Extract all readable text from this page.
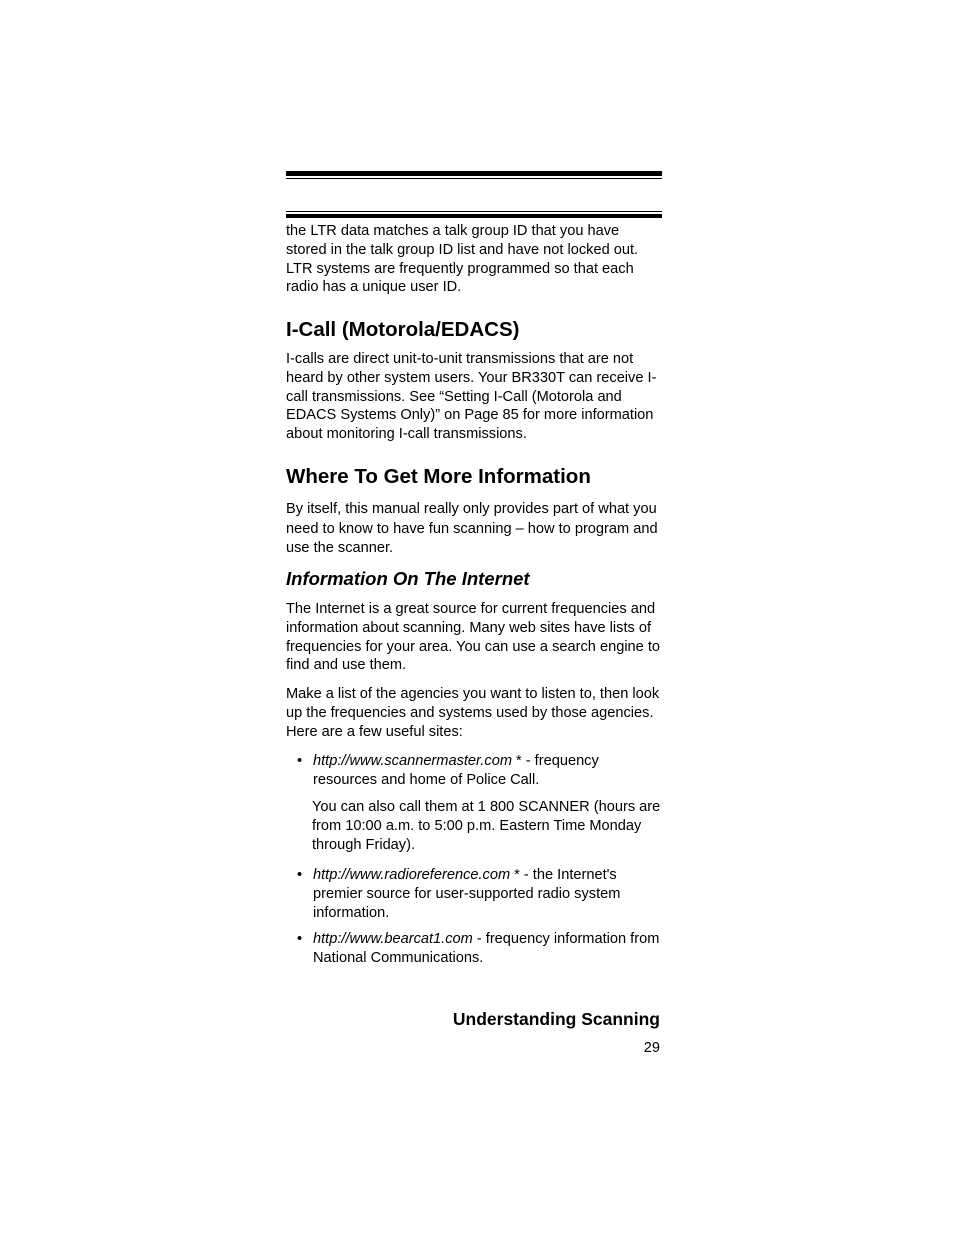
the LTR data matches a talk group ID that you have stored in the talk group ID list and have not locked out. LTR systems are frequently programmed so that each radio has a unique user ID.

I-Call (Motorola/EDACS)

I-calls are direct unit-to-unit transmissions that are not heard by other system users. Your BR330T can receive I-call transmissions. See “Setting I-Call (Motorola and EDACS Systems Only)” on Page 85 for more information about monitoring I-call transmissions.

Where To Get More Information

By itself, this manual really only provides part of what you need to know to have fun scanning – how to program and use the scanner.

Information On The Internet

The Internet is a great source for current frequencies and information about scanning. Many web sites have lists of frequencies for your area. You can use a search engine to find and use them.

Make a list of the agencies you want to listen to, then look up the frequencies and systems used by those agencies. Here are a few useful sites:

• http://www.scannermaster.com * - frequency resources and home of Police Call.

You can also call them at 1 800 SCANNER (hours are from 10:00 a.m. to 5:00 p.m. Eastern Time Monday through Friday).

• http://www.radioreference.com * - the Internet's premier source for user-supported radio system information.

• http://www.bearcat1.com - frequency information from National Communications.

Understanding Scanning
29
